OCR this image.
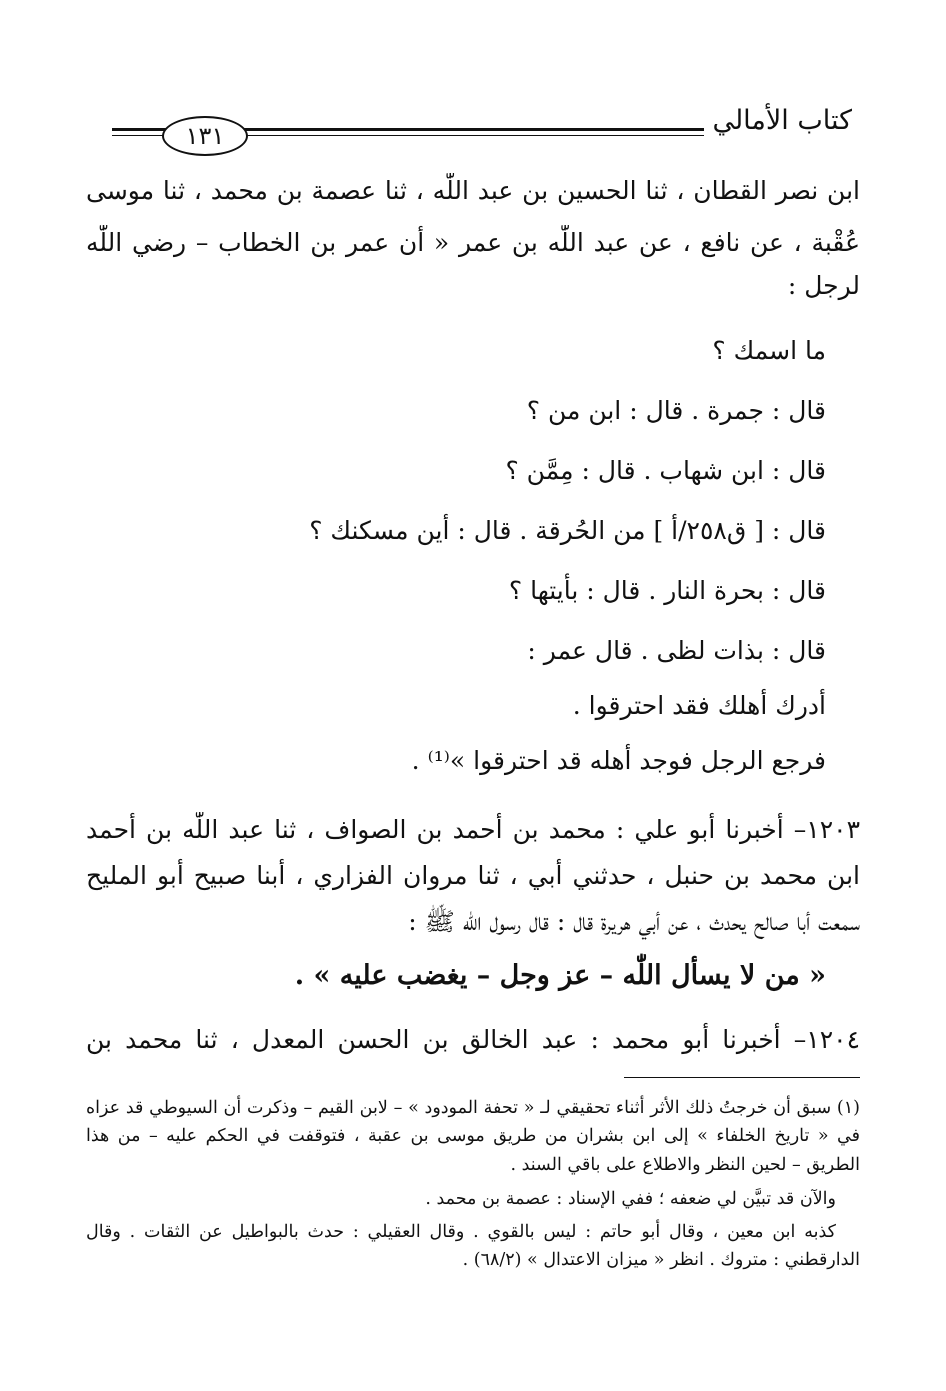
كتاب الأمالي
١٣١
ابن نصر القطان ، ثنا الحسين بن عبد اللّٰه ، ثنا عصمة بن محمد ، ثنا موسى
عُقْبة ، عن نافع ، عن عبد اللّٰه بن عمر « أن عمر بن الخطاب – رضي اللّٰه
لرجل :
ما اسمك ؟
قال : جمرة . قال : ابن من ؟
قال : ابن شهاب . قال : مِمَّن ؟
قال : [ ق٢٥٨/أ ] من الحُرقة . قال : أين مسكنك ؟
قال : بحرة النار . قال : بأيتها ؟
قال : بذات لظى . قال عمر :
أدرك أهلك فقد احترقوا .
فرجع الرجل فوجد أهله قد احترقوا »⁽¹⁾ .
١٢٠٣– أخبرنا أبو علي : محمد بن أحمد بن الصواف ، ثنا عبد اللّٰه بن أحمد
ابن محمد بن حنبل ، حدثني أبي ، ثنا مروان الفزاري ، أبنا صبيح أبو المليح
سمعت أبا صالح يحدث ، عن أبي هريرة قال : قال رسول اللّٰه ﷺ :
« من لا يسأل اللّٰه – عز وجل – يغضب عليه » .
١٢٠٤– أخبرنا أبو محمد : عبد الخالق بن الحسن المعدل ، ثنا محمد بن
(١) سبق أن خرجتُ ذلك الأثر أثناء تحقيقي لـ « تحفة المودود » – لابن القيم – وذكرت أن السيوطي قد عزاه
في « تاريخ الخلفاء » إلى ابن بشران من طريق موسى بن عقبة ، فتوقفت في الحكم عليه – من هذا
الطريق – لحين النظر والاطلاع على باقي السند .
والآن قد تبيَّن لي ضعفه ؛ ففي الإسناد : عصمة بن محمد .
كذبه ابن معين ، وقال أبو حاتم : ليس بالقوي . وقال العقيلي : حدث بالبواطيل عن الثقات . وقال
الدارقطني : متروك . انظر « ميزان الاعتدال » (٦٨/٢) .
